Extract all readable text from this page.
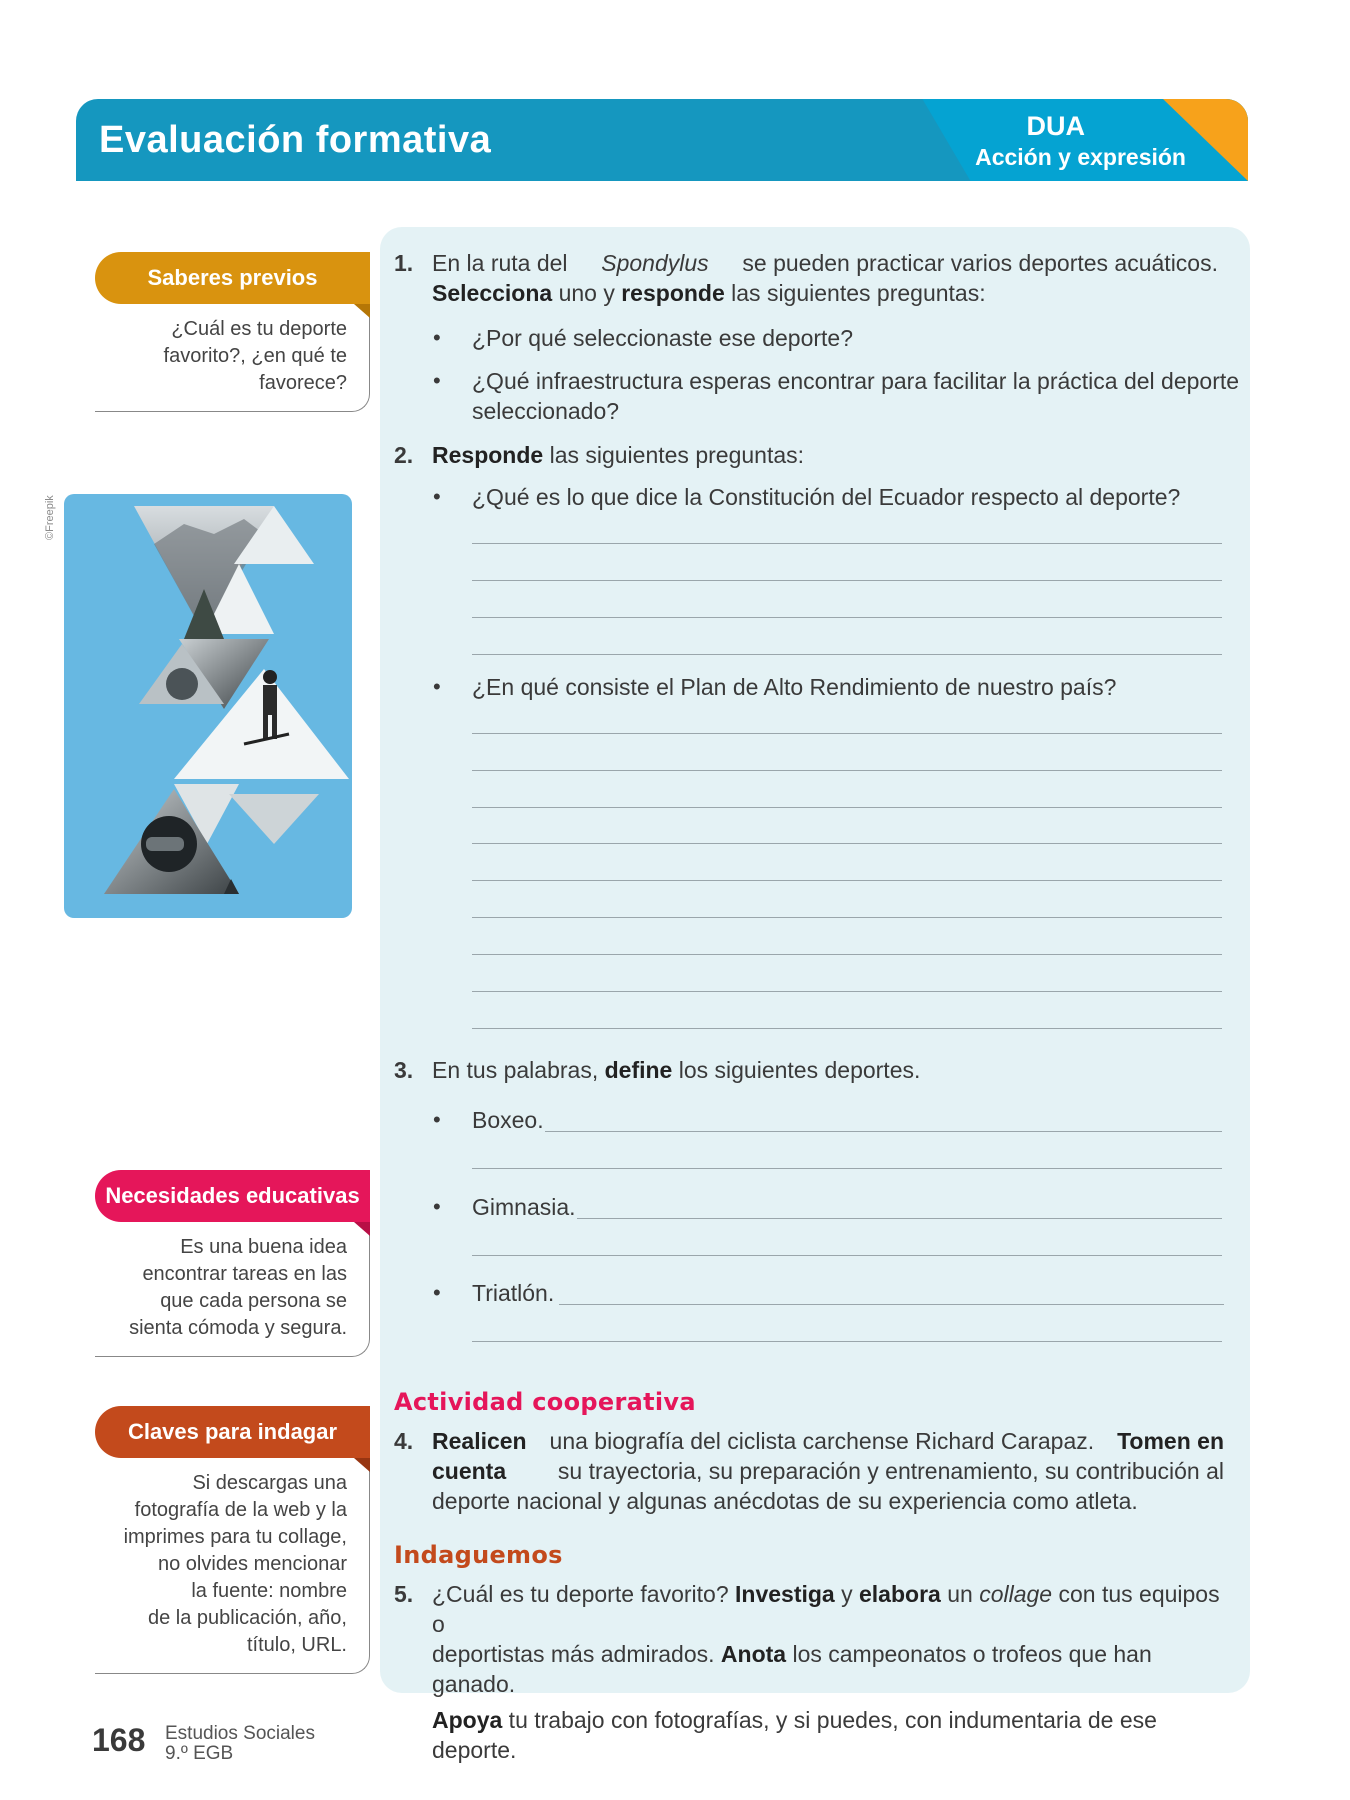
Evaluación formativa	DUA
Acción y expresión
Saberes previos
¿Cuál es tu deporte
favorito?, ¿en qué te
favorece?
©Freepik
Necesidades educativas
Es una buena idea
encontrar tareas en las
que cada persona se
sienta cómoda y segura.
Claves para indagar
Si descargas una
fotografía de la web y la
imprimes para tu collage,
no olvides mencionar
la fuente: nombre
de la publicación, año,
título, URL.
1. En la ruta del Spondylus se pueden practicar varios deportes acuáticos.
Selecciona uno y responde las siguientes preguntas:
• ¿Por qué seleccionaste ese deporte?
• ¿Qué infraestructura esperas encontrar para facilitar la práctica del deporte
seleccionado?
2. Responde las siguientes preguntas:
• ¿Qué es lo que dice la Constitución del Ecuador respecto al deporte?
• ¿En qué consiste el Plan de Alto Rendimiento de nuestro país?
3. En tus palabras, define los siguientes deportes.
• Boxeo.
• Gimnasia.
• Triatlón.
Actividad cooperativa
4. Realicen una biografía del ciclista carchense Richard Carapaz. Tomen en
cuenta su trayectoria, su preparación y entrenamiento, su contribución al
deporte nacional y algunas anécdotas de su experiencia como atleta.
Indaguemos
5. ¿Cuál es tu deporte favorito? Investiga y elabora un collage con tus equipos o
deportistas más admirados. Anota los campeonatos o trofeos que han ganado.
Apoya tu trabajo con fotografías, y si puedes, con indumentaria de ese deporte.
168 Estudios Sociales
9.º EGB
